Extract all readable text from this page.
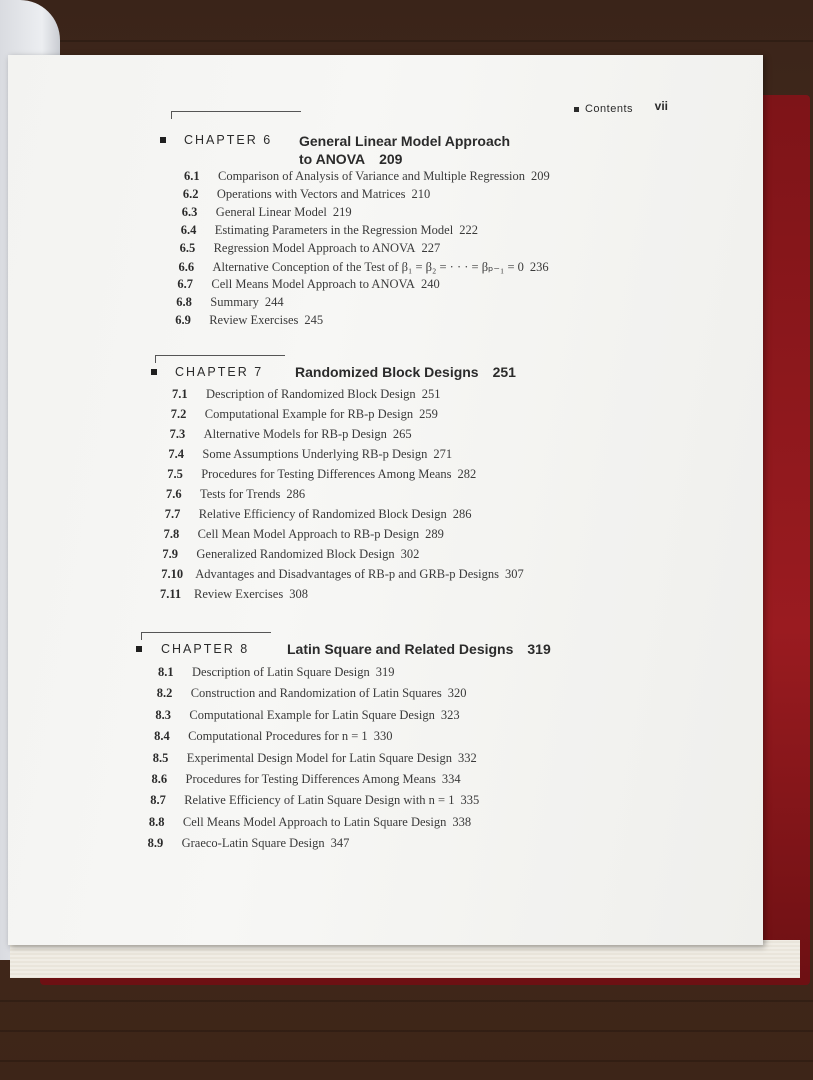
Contents vii
CHAPTER 6 General Linear Model Approach
to ANOVA 209
CHAPTER 7 Randomized Block Designs 251
CHAPTER 8	Latin Square and Related Designs 319
6.1 Comparison of Analysis of Variance and Multiple Regression 209
6.2 Operations with Vectors and Matrices 210
6.3 General Linear Model 219
6.4 Estimating Parameters in the Regression Model 222
6.5 Regression Model Approach to ANOVA 227
6.6 Alternative Conception of the Test of β₁ = β₂ = · · · = βₚ₋₁ = 0 236
6.7 Cell Means Model Approach to ANOVA 240
6.8 Summary 244
6.9 Review Exercises 245
7.1 Description of Randomized Block Design 251
7.2 Computational Example for RB-p Design 259
7.3 Alternative Models for RB-p Design 265
7.4 Some Assumptions Underlying RB-p Design 271
7.5 Procedures for Testing Differences Among Means 282
7.6 Tests for Trends 286
7.7 Relative Efficiency of Randomized Block Design 286
7.8 Cell Mean Model Approach to RB-p Design 289
7.9 Generalized Randomized Block Design 302
7.10 Advantages and Disadvantages of RB-p and GRB-p Designs 307
7.11 Review Exercises 308
8.1 Description of Latin Square Design 319
8.2 Construction and Randomization of Latin Squares 320
8.3 Computational Example for Latin Square Design 323
8.4 Computational Procedures for n = 1 330
8.5 Experimental Design Model for Latin Square Design 332
8.6 Procedures for Testing Differences Among Means 334
8.7 Relative Efficiency of Latin Square Design with n = 1 335
8.8 Cell Means Model Approach to Latin Square Design 338
8.9 Graeco-Latin Square Design 347
